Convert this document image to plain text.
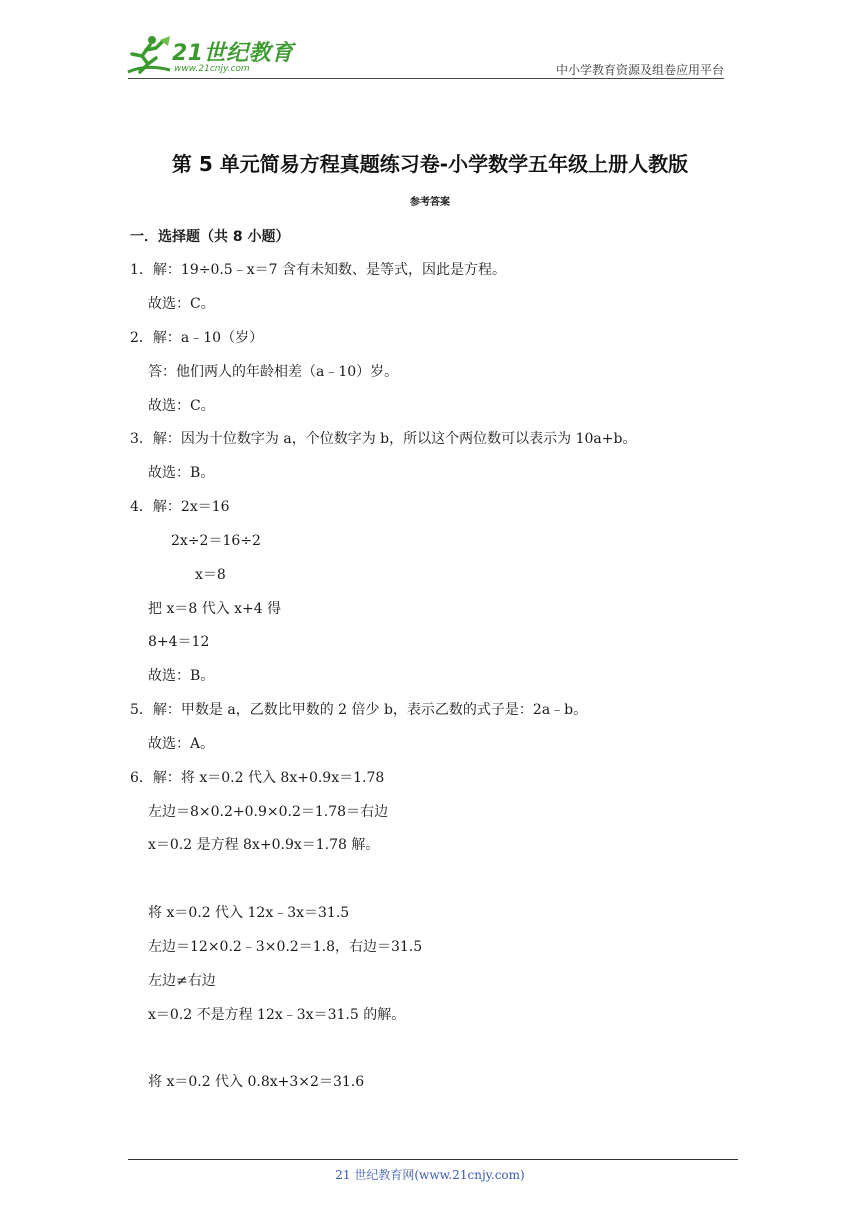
21世纪教育
www.21cnjy.com	中小学教育资源及组卷应用平台
第 5 单元简易方程真题练习卷-小学数学五年级上册人教版
参考答案
一．选择题（共 8 小题）
1．解：19÷0.5﹣x＝7 含有未知数、是等式，因此是方程。
故选：C。
2．解：a﹣10（岁）
答：他们两人的年龄相差（a﹣10）岁。
故选：C。
3．解：因为十位数字为 a，个位数字为 b，所以这个两位数可以表示为 10a+b。
故选：B。
4．解：2x＝16
2x÷2＝16÷2
x＝8
把 x＝8 代入 x+4 得
8+4＝12
故选：B。
5．解：甲数是 a，乙数比甲数的 2 倍少 b，表示乙数的式子是：2a﹣b。
故选：A。
6．解：将 x＝0.2 代入 8x+0.9x＝1.78
左边＝8×0.2+0.9×0.2＝1.78＝右边
x＝0.2 是方程 8x+0.9x＝1.78 解。
将 x＝0.2 代入 12x﹣3x＝31.5
左边＝12×0.2﹣3×0.2＝1.8，右边＝31.5
左边≠右边
x＝0.2 不是方程 12x﹣3x＝31.5 的解。
将 x＝0.2 代入 0.8x+3×2＝31.6
21 世纪教育网(www.21cnjy.com)
